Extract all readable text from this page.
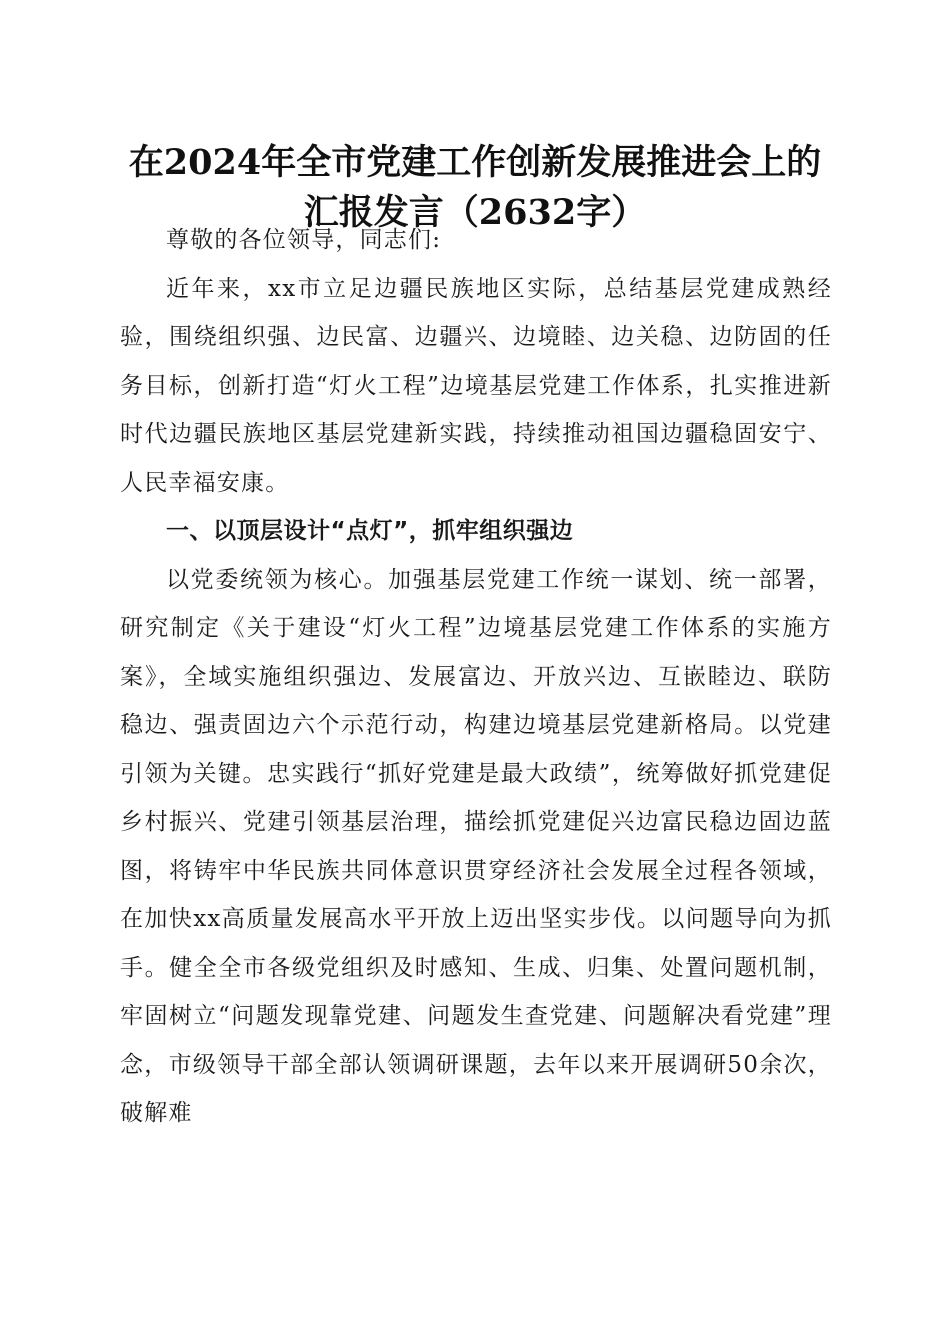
在2024年全市党建工作创新发展推进会上的
汇报发言（2632字）

尊敬的各位领导，同志们:

近年来，xx市立足边疆民族地区实际，总结基层党建成熟经验，围绕组织强、边民富、边疆兴、边境睦、边关稳、边防固的任务目标，创新打造“灯火工程”边境基层党建工作体系，扎实推进新时代边疆民族地区基层党建新实践，持续推动祖国边疆稳固安宁、人民幸福安康。

一、以顶层设计“点灯”，抓牢组织强边

以党委统领为核心。加强基层党建工作统一谋划、统一部署，研究制定《关于建设“灯火工程”边境基层党建工作体系的实施方案》，全域实施组织强边、发展富边、开放兴边、互嵌睦边、联防稳边、强责固边六个示范行动，构建边境基层党建新格局。以党建引领为关键。忠实践行“抓好党建是最大政绩”，统筹做好抓党建促乡村振兴、党建引领基层治理，描绘抓党建促兴边富民稳边固边蓝图，将铸牢中华民族共同体意识贯穿经济社会发展全过程各领域，在加快xx高质量发展高水平开放上迈出坚实步伐。以问题导向为抓手。健全全市各级党组织及时感知、生成、归集、处置问题机制，牢固树立“问题发现靠党建、问题发生查党建、问题解决看党建”理念，市级领导干部全部认领调研课题，去年以来开展调研50余次，破解难
